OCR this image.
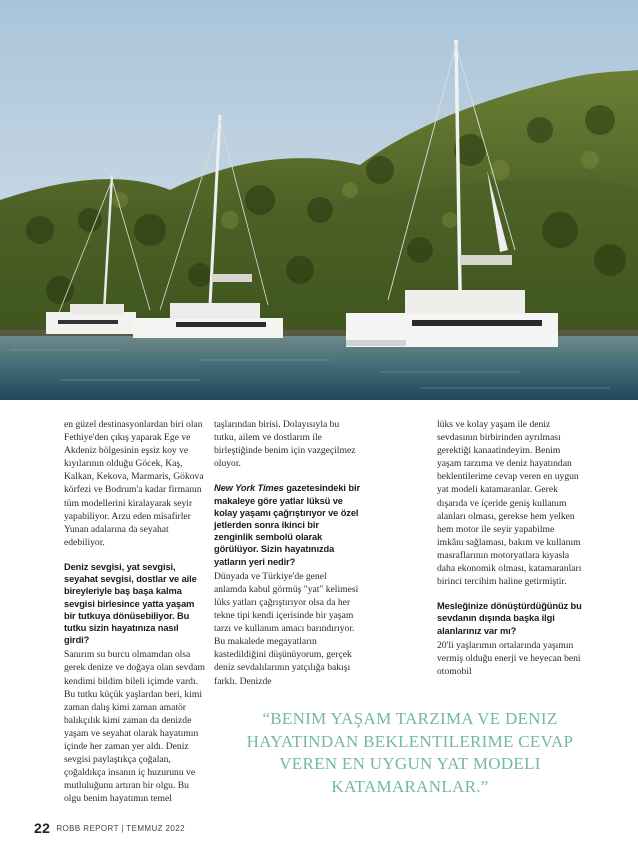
en güzel destinasyonlardan biri olan Fethiye'den çıkış yaparak Ege ve Akdeniz bölgesinin eşsiz koy ve kıyılarının olduğu Göcek, Kaş, Kalkan, Kekova, Marmaris, Gökova körfezi ve Bodrum'a kadar firmanın tüm modellerini kiralayarak seyir yapabiliyor. Arzu eden misafirler Yunan adalarına da seyahat edebiliyor.

Deniz sevgisi, yat sevgisi, seyahat sevgisi, dostlar ve aile bireyleriyle baş başa kalma sevgisi birlesince yatta yaşam bir tutkuya dönüsebiliyor. Bu tutku sizin hayatınıza nasıl girdi?

Sanırım su burcu olmamdan olsa gerek denize ve doğaya olan sevdam kendimi bildim bileli içimde vardı. Bu tutku küçük yaşlardan beri, kimi zaman dalış kimi zaman amatör balıkçılık kimi zaman da denizde yaşam ve seyahat olarak hayatımın içinde her zaman yer aldı. Deniz sevgisi paylaştıkça çoğalan, çoğaldıkça insanın iç huzurunu ve mutluluğunu artıran bir olgu. Bu olgu benim hayatımın temel

taşlarından birisi. Dolayısıyla bu tutku, ailem ve dostlarım ile birleştiğinde benim için vazgeçilmez oluyor.

New York Times gazetesindeki bir makaleye göre yatlar lüksü ve kolay yaşamı çağrıştırıyor ve özel jetlerden sonra ikinci bir zenginlik sembolü olarak görülüyor. Sizin hayatınızda yatların yeri nedir?

Dünyada ve Türkiye'de genel anlamda kabul görmüş "yat" kelimesi lüks yatları çağrıştırıyor olsa da her tekne tipi kendi içerisinde bir yaşam tarzı ve kullanım amacı barındırıyor. Bu makalede megayatların kastedildiğini düşünüyorum, gerçek deniz sevdalılarının yatçılığa bakışı farklı. Denizde

lüks ve kolay yaşam ile deniz sevdasının birbirinden ayrılması gerektiği kanaatindeyim. Benim yaşam tarzıma ve deniz hayatından beklentilerime cevap veren en uygun yat modeli katamaranlar. Gerek dışarıda ve içeride geniş kullanım alanları olması, gerekse hem yelken hem motor ile seyir yapabilme imkânı sağlaması, bakım ve kullanım masraflarının motoryatlara kıyasla daha ekonomik olması, katamaranları birinci tercihim haline getirmiştir.

Mesleğinize dönüştürdüğünüz bu sevdanın dışında başka ilgi alanlarınız var mı?

20'li yaşlarımın ortalarında yaşımın vermiş olduğu enerji ve heyecan beni otomobil

“BENIM YAŞAM TARZIMA VE DENIZ HAYATINDAN BEKLENTILERIME CEVAP VEREN EN UYGUN YAT MODELI KATAMARANLAR.”
22 ROBB REPORT | TEMMUZ 2022
